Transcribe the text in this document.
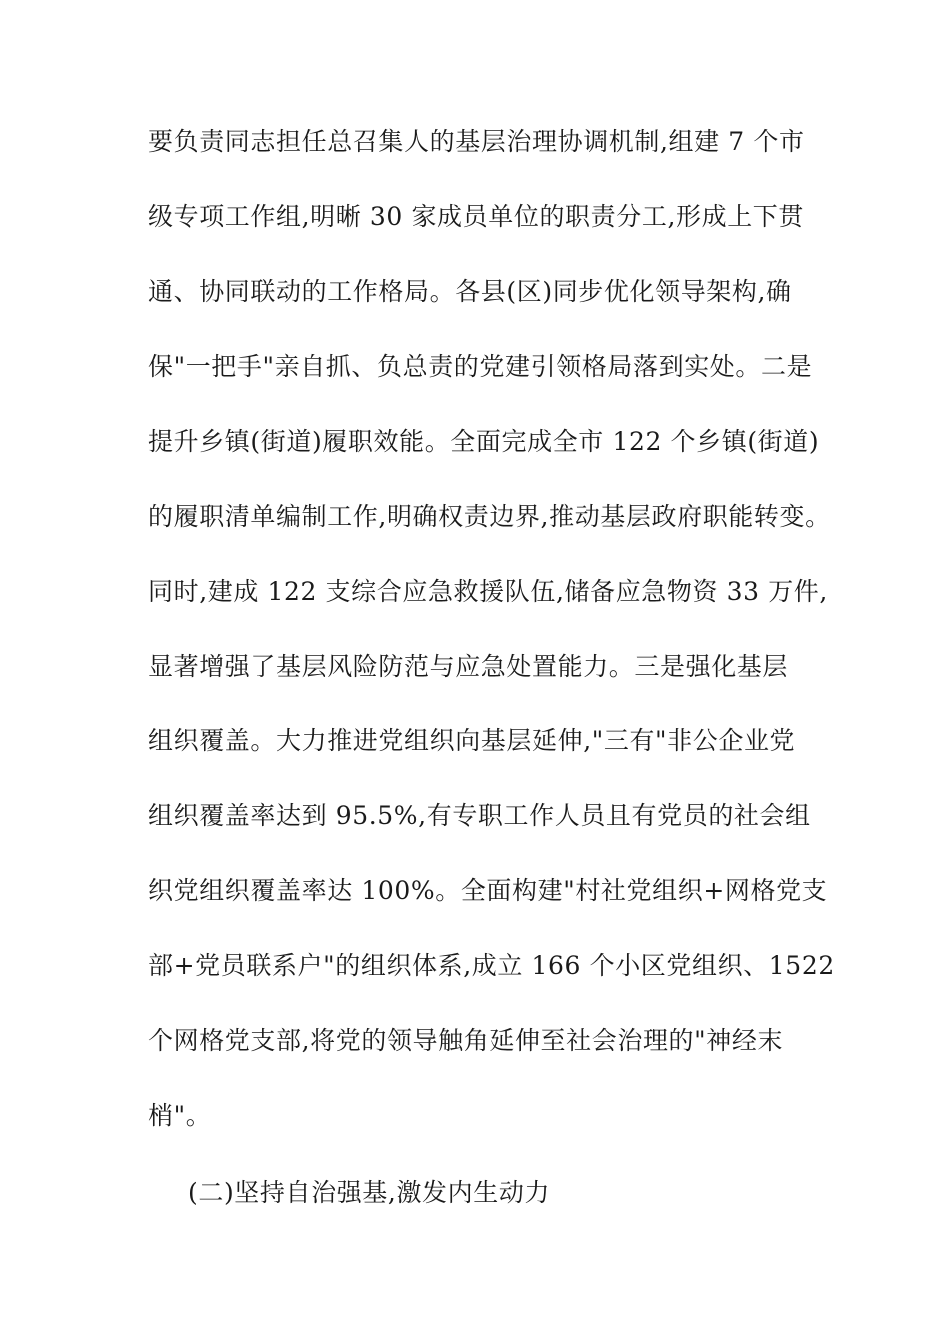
要负责同志担任总召集人的基层治理协调机制,组建 7 个市
级专项工作组,明晰 30 家成员单位的职责分工,形成上下贯
通、协同联动的工作格局。各县(区)同步优化领导架构,确
保"一把手"亲自抓、负总责的党建引领格局落到实处。二是
提升乡镇(街道)履职效能。全面完成全市 122 个乡镇(街道)
的履职清单编制工作,明确权责边界,推动基层政府职能转变。
同时,建成 122 支综合应急救援队伍,储备应急物资 33 万件,
显著增强了基层风险防范与应急处置能力。三是强化基层
组织覆盖。大力推进党组织向基层延伸,"三有"非公企业党
组织覆盖率达到 95.5%,有专职工作人员且有党员的社会组
织党组织覆盖率达 100%。全面构建"村社党组织+网格党支
部+党员联系户"的组织体系,成立 166 个小区党组织、1522
个网格党支部,将党的领导触角延伸至社会治理的"神经末
梢"。
(二)坚持自治强基,激发内生动力
